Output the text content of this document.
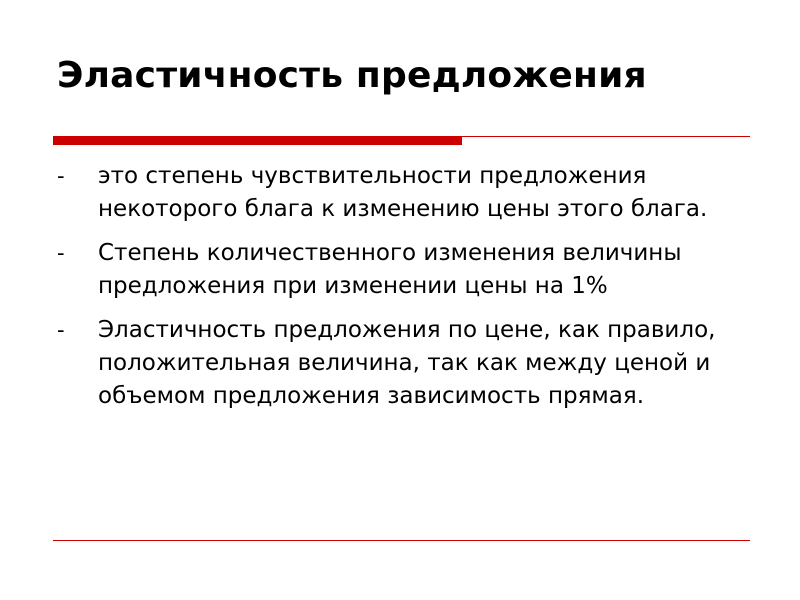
Эластичность предложения
- это степень чувствительности предложения некоторого блага к изменению цены этого блага.
- Степень количественного изменения величины предложения при изменении цены на 1%
- Эластичность предложения по цене, как правило, положительная величина, так как между ценой и объемом предложения зависимость прямая.
